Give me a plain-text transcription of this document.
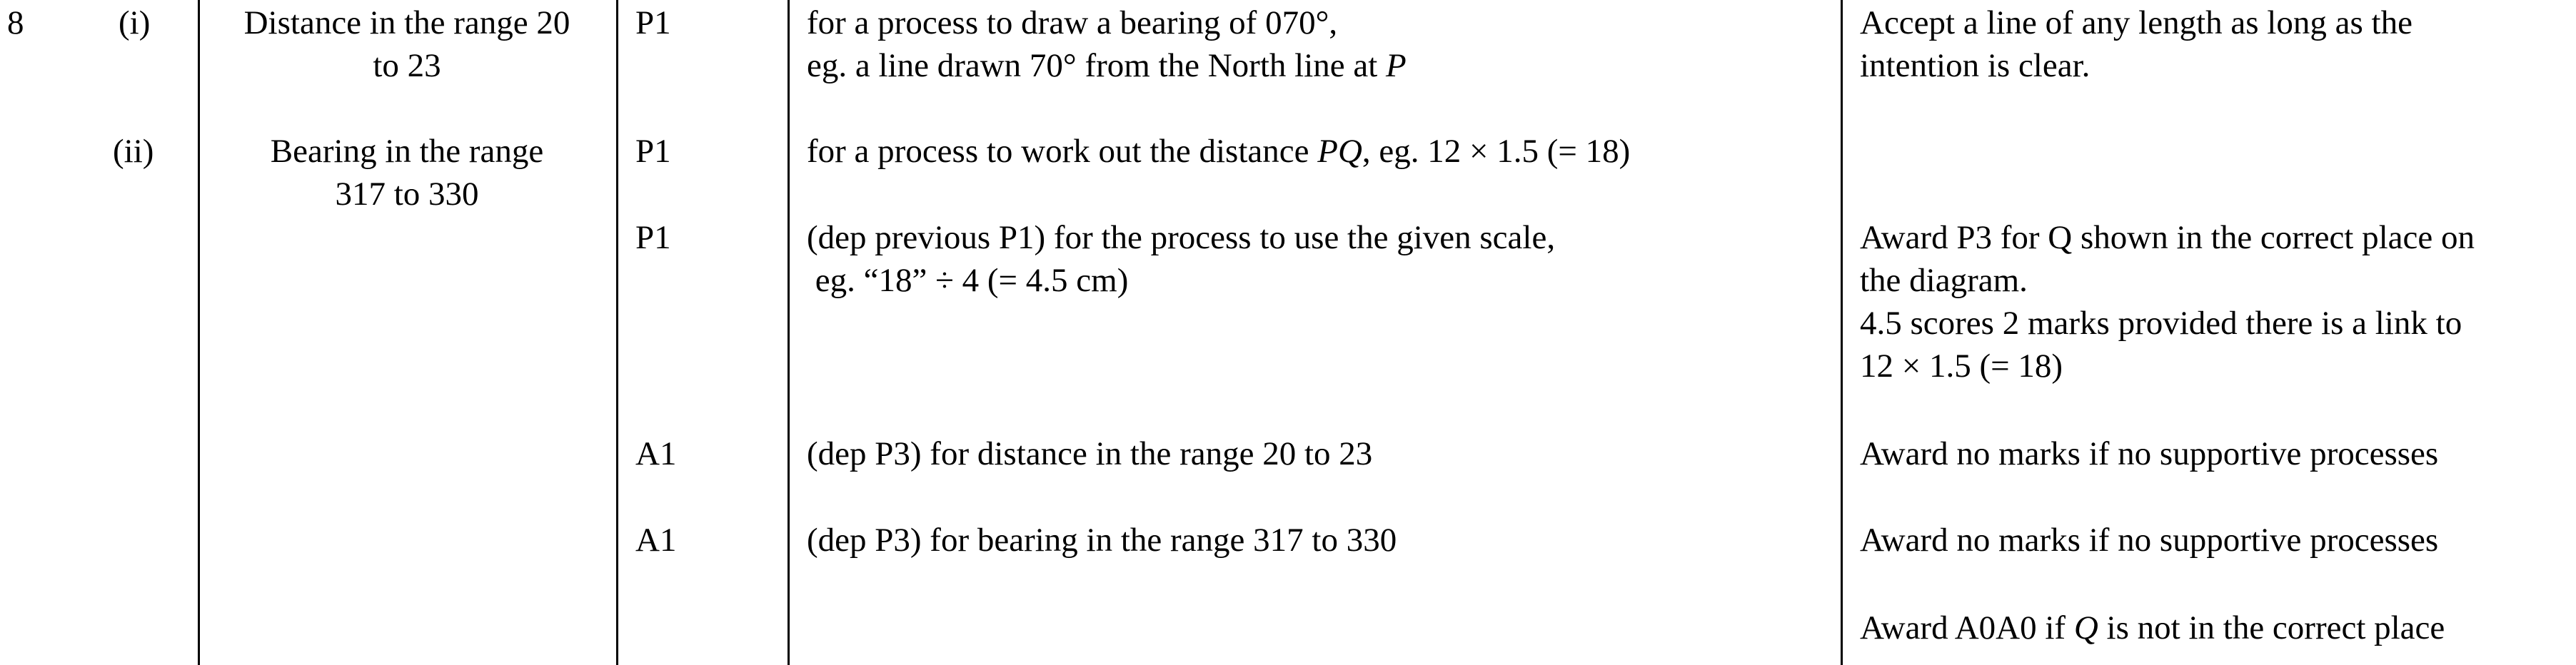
8	(i)
(ii)
Distance in the range 20
to 23
Bearing in the range
317 to 330
P1
P1
P1
A1
A1
for a process to draw a bearing of 070°,
eg. a line drawn 70° from the North line at P
for a process to work out the distance PQ, eg. 12 × 1.5 (= 18)
(dep previous P1) for the process to use the given scale,
eg. “18” ÷ 4 (= 4.5 cm)
(dep P3) for distance in the range 20 to 23
(dep P3) for bearing in the range 317 to 330
Accept a line of any length as long as the
intention is clear.
Award P3 for Q shown in the correct place on
the diagram.
4.5 scores 2 marks provided there is a link to
12 × 1.5 (= 18)
Award no marks if no supportive processes
Award no marks if no supportive processes
Award A0A0 if Q is not in the correct place
